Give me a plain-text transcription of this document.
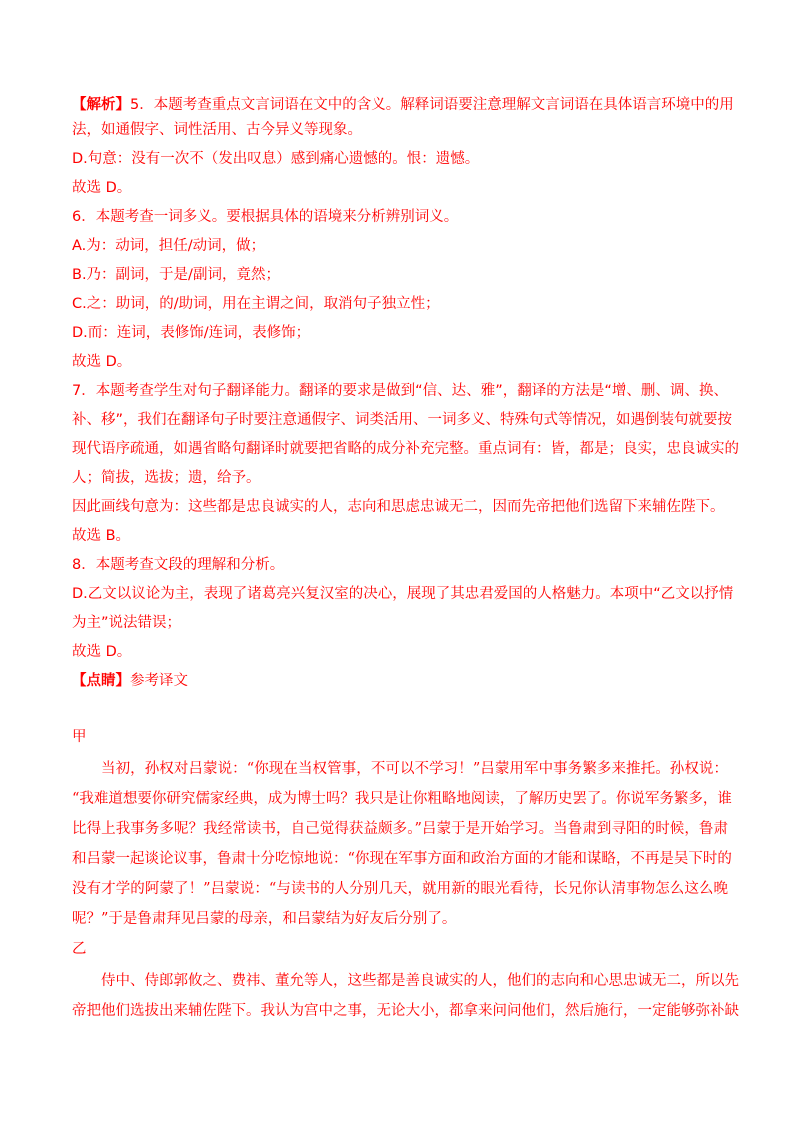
【解析】5．本题考查重点文言词语在文中的含义。解释词语要注意理解文言词语在具体语言环境中的用
法，如通假字、词性活用、古今异义等现象。
D.句意：没有一次不（发出叹息）感到痛心遗憾的。恨：遗憾。
故选 D。
6．本题考查一词多义。要根据具体的语境来分析辨别词义。
A.为：动词，担任/动词，做；
B.乃：副词，于是/副词，竟然；
C.之：助词，的/助词，用在主谓之间，取消句子独立性；
D.而：连词，表修饰/连词，表修饰；
故选 D。
7．本题考查学生对句子翻译能力。翻译的要求是做到“信、达、雅”，翻译的方法是“增、删、调、换、
补、移”，我们在翻译句子时要注意通假字、词类活用、一词多义、特殊句式等情况，如遇倒装句就要按
现代语序疏通，如遇省略句翻译时就要把省略的成分补充完整。重点词有：皆，都是；良实，忠良诚实的
人；简拔，选拔；遗，给予。
因此画线句意为：这些都是忠良诚实的人，志向和思虑忠诚无二，因而先帝把他们选留下来辅佐陛下。
故选 B。
8．本题考查文段的理解和分析。
D.乙文以议论为主，表现了诸葛亮兴复汉室的决心，展现了其忠君爱国的人格魅力。本项中“乙文以抒情
为主”说法错误；
故选 D。
【点睛】参考译文
甲
当初，孙权对吕蒙说：“你现在当权管事，不可以不学习！”吕蒙用军中事务繁多来推托。孙权说：
“我难道想要你研究儒家经典，成为博士吗？我只是让你粗略地阅读，了解历史罢了。你说军务繁多，谁
比得上我事务多呢？我经常读书，自己觉得获益颇多。”吕蒙于是开始学习。当鲁肃到寻阳的时候，鲁肃
和吕蒙一起谈论议事，鲁肃十分吃惊地说：“你现在军事方面和政治方面的才能和谋略，不再是吴下时的
没有才学的阿蒙了！”吕蒙说：“与读书的人分别几天，就用新的眼光看待，长兄你认清事物怎么这么晚
呢？”于是鲁肃拜见吕蒙的母亲，和吕蒙结为好友后分别了。
乙
侍中、侍郎郭攸之、费祎、董允等人，这些都是善良诚实的人，他们的志向和心思忠诚无二，所以先
帝把他们选拔出来辅佐陛下。我认为宫中之事，无论大小，都拿来问问他们，然后施行，一定能够弥补缺
